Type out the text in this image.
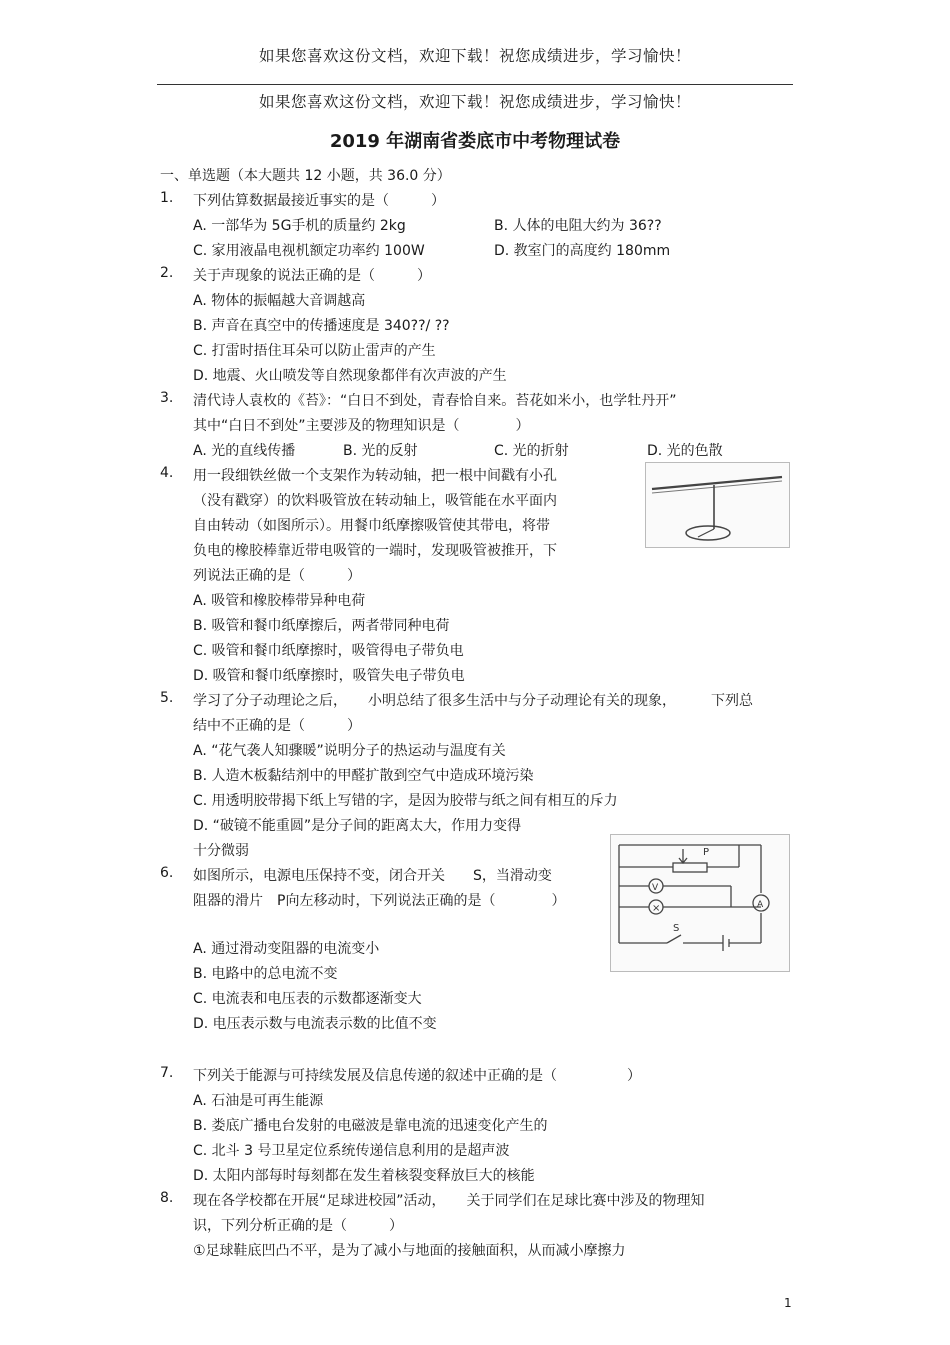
如果您喜欢这份文档，欢迎下载！祝您成绩进步，学习愉快！
如果您喜欢这份文档，欢迎下载！祝您成绩进步，学习愉快！
2019 年湖南省娄底市中考物理试卷
一、单选题（本大题共 12 小题，共 36.0 分）
1.	下列估算数据最接近事实的是（　　　）
A. 一部华为 5G手机的质量约 2kg	B. 人体的电阻大约为 36??
C. 家用液晶电视机额定功率约 100W	D. 教室门的高度约 180mm
2.	关于声现象的说法正确的是（　　　）
A. 物体的振幅越大音调越高
B. 声音在真空中的传播速度是 340??/ ??
C. 打雷时捂住耳朵可以防止雷声的产生
D. 地震、火山喷发等自然现象都伴有次声波的产生
3.	清代诗人袁枚的《苔》：“白日不到处，青春恰自来。苔花如米小，也学牡丹开”
其中“白日不到处”主要涉及的物理知识是（　　　　）
A. 光的直线传播	B. 光的反射	C. 光的折射	D. 光的色散
4.	用一段细铁丝做一个支架作为转动轴，把一根中间戳有小孔
（没有戳穿）的饮料吸管放在转动轴上，吸管能在水平面内
自由转动（如图所示）。用餐巾纸摩擦吸管使其带电，将带
负电的橡胶棒靠近带电吸管的一端时，发现吸管被推开，下
列说法正确的是（　　　）
A. 吸管和橡胶棒带异种电荷
B. 吸管和餐巾纸摩擦后，两者带同种电荷
C. 吸管和餐巾纸摩擦时，吸管得电子带负电
D. 吸管和餐巾纸摩擦时，吸管失电子带负电
5.	学习了分子动理论之后，　　小明总结了很多生活中与分子动理论有关的现象，　　　下列总
结中不正确的是（　　　）
A. “花气袭人知骤暖”说明分子的热运动与温度有关
B. 人造木板黏结剂中的甲醛扩散到空气中造成环境污染
C. 用透明胶带揭下纸上写错的字，是因为胶带与纸之间有相互的斥力
D. “破镜不能重圆”是分子间的距离太大，作用力变得
十分微弱
6.	如图所示，电源电压保持不变，闭合开关　　S，当滑动变
阻器的滑片　P向左移动时，下列说法正确的是（　　　　）
A. 通过滑动变阻器的电流变小
B. 电路中的总电流不变
C. 电流表和电压表的示数都逐渐变大
D. 电压表示数与电流表示数的比值不变
P
V
×	A
S
7.	下列关于能源与可持续发展及信息传递的叙述中正确的是（　　　　　）
A. 石油是可再生能源
B. 娄底广播电台发射的电磁波是靠电流的迅速变化产生的
C. 北斗 3 号卫星定位系统传递信息利用的是超声波
D. 太阳内部每时每刻都在发生着核裂变释放巨大的核能
8.	现在各学校都在开展“足球进校园”活动，　　关于同学们在足球比赛中涉及的物理知
识，下列分析正确的是（　　　）
①足球鞋底凹凸不平，是为了减小与地面的接触面积，从而减小摩擦力
1
